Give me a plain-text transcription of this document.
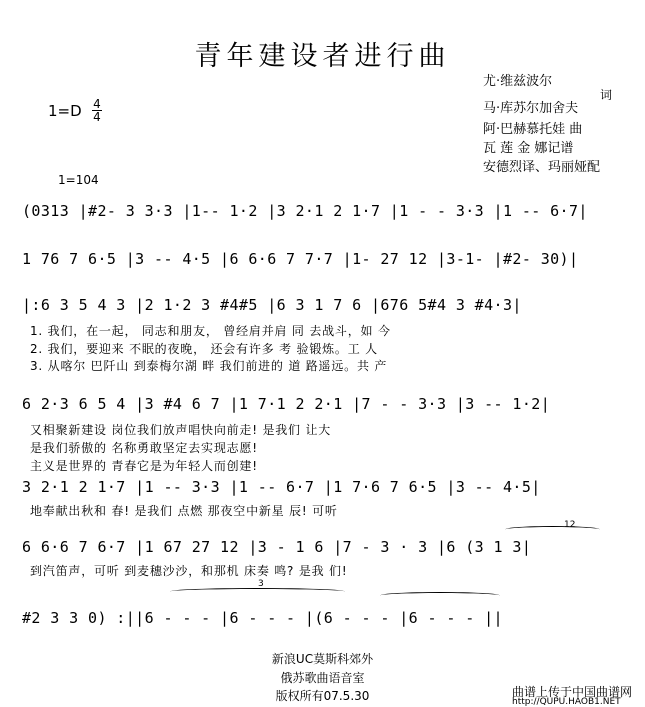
青年建设者进行曲
1=D 4
4
尤·维兹波尔
词
马·库苏尔加舍夫
阿·巴赫慕托娃 曲
瓦 莲 金 娜记谱
安德烈译、玛丽娅配
1=104
(0313 |#2- 3 3·3 |1-- 1·2 |3 2·1 2 1·7 |1 - - 3·3 |1 -- 6·7|
1 76 7 6·5 |3 -- 4·5 |6 6·6 7 7·7 |1- 27 12 |3-1- |#2- 30)|
|:6 3 5 4 3 |2 1·2 3 #4#5 |6 3 1 7 6 |676 5#4 3 #4·3|
1. 我们，在一起， 同志和朋友， 曾经肩并肩 同 去战斗，如 今
2. 我们，要迎来 不眠的夜晚， 还会有许多 考 验锻炼。工 人
3. 从喀尔 巴阡山 到泰梅尔湖 畔 我们前进的 道 路遥远。共 产
6 2·3 6 5 4 |3 #4 6 7 |1 7·1 2 2·1 |7 - - 3·3 |3 -- 1·2|
又相聚新建设 岗位我们放声唱快向前走! 是我们 让大
是我们骄傲的 名称勇敢坚定去实现志愿!
主义是世界的 青春它是为年轻人而创建!
3 2·1 2 1·7 |1 -- 3·3 |1 -- 6·7 |1 7·6 7 6·5 |3 -- 4·5|
地奉献出秋和 春! 是我们 点燃 那夜空中新星 辰! 可听
12
6 6·6 7 6·7 |1 67 27 12 |3 - 1 6 |7 - 3 · 3 |6 (3 1 3|
到汽笛声，可听 到麦穗沙沙，和那机 床奏 鸣? 是我 们!
3
#2 3 3 0) :||6 - - - |6 - - - |(6 - - - |6 - - - ||
新浪UC莫斯科郊外
俄苏歌曲语音室
版权所有07.5.30	曲谱上传于中国曲谱网
http://QUPU.HAOB1.NET
